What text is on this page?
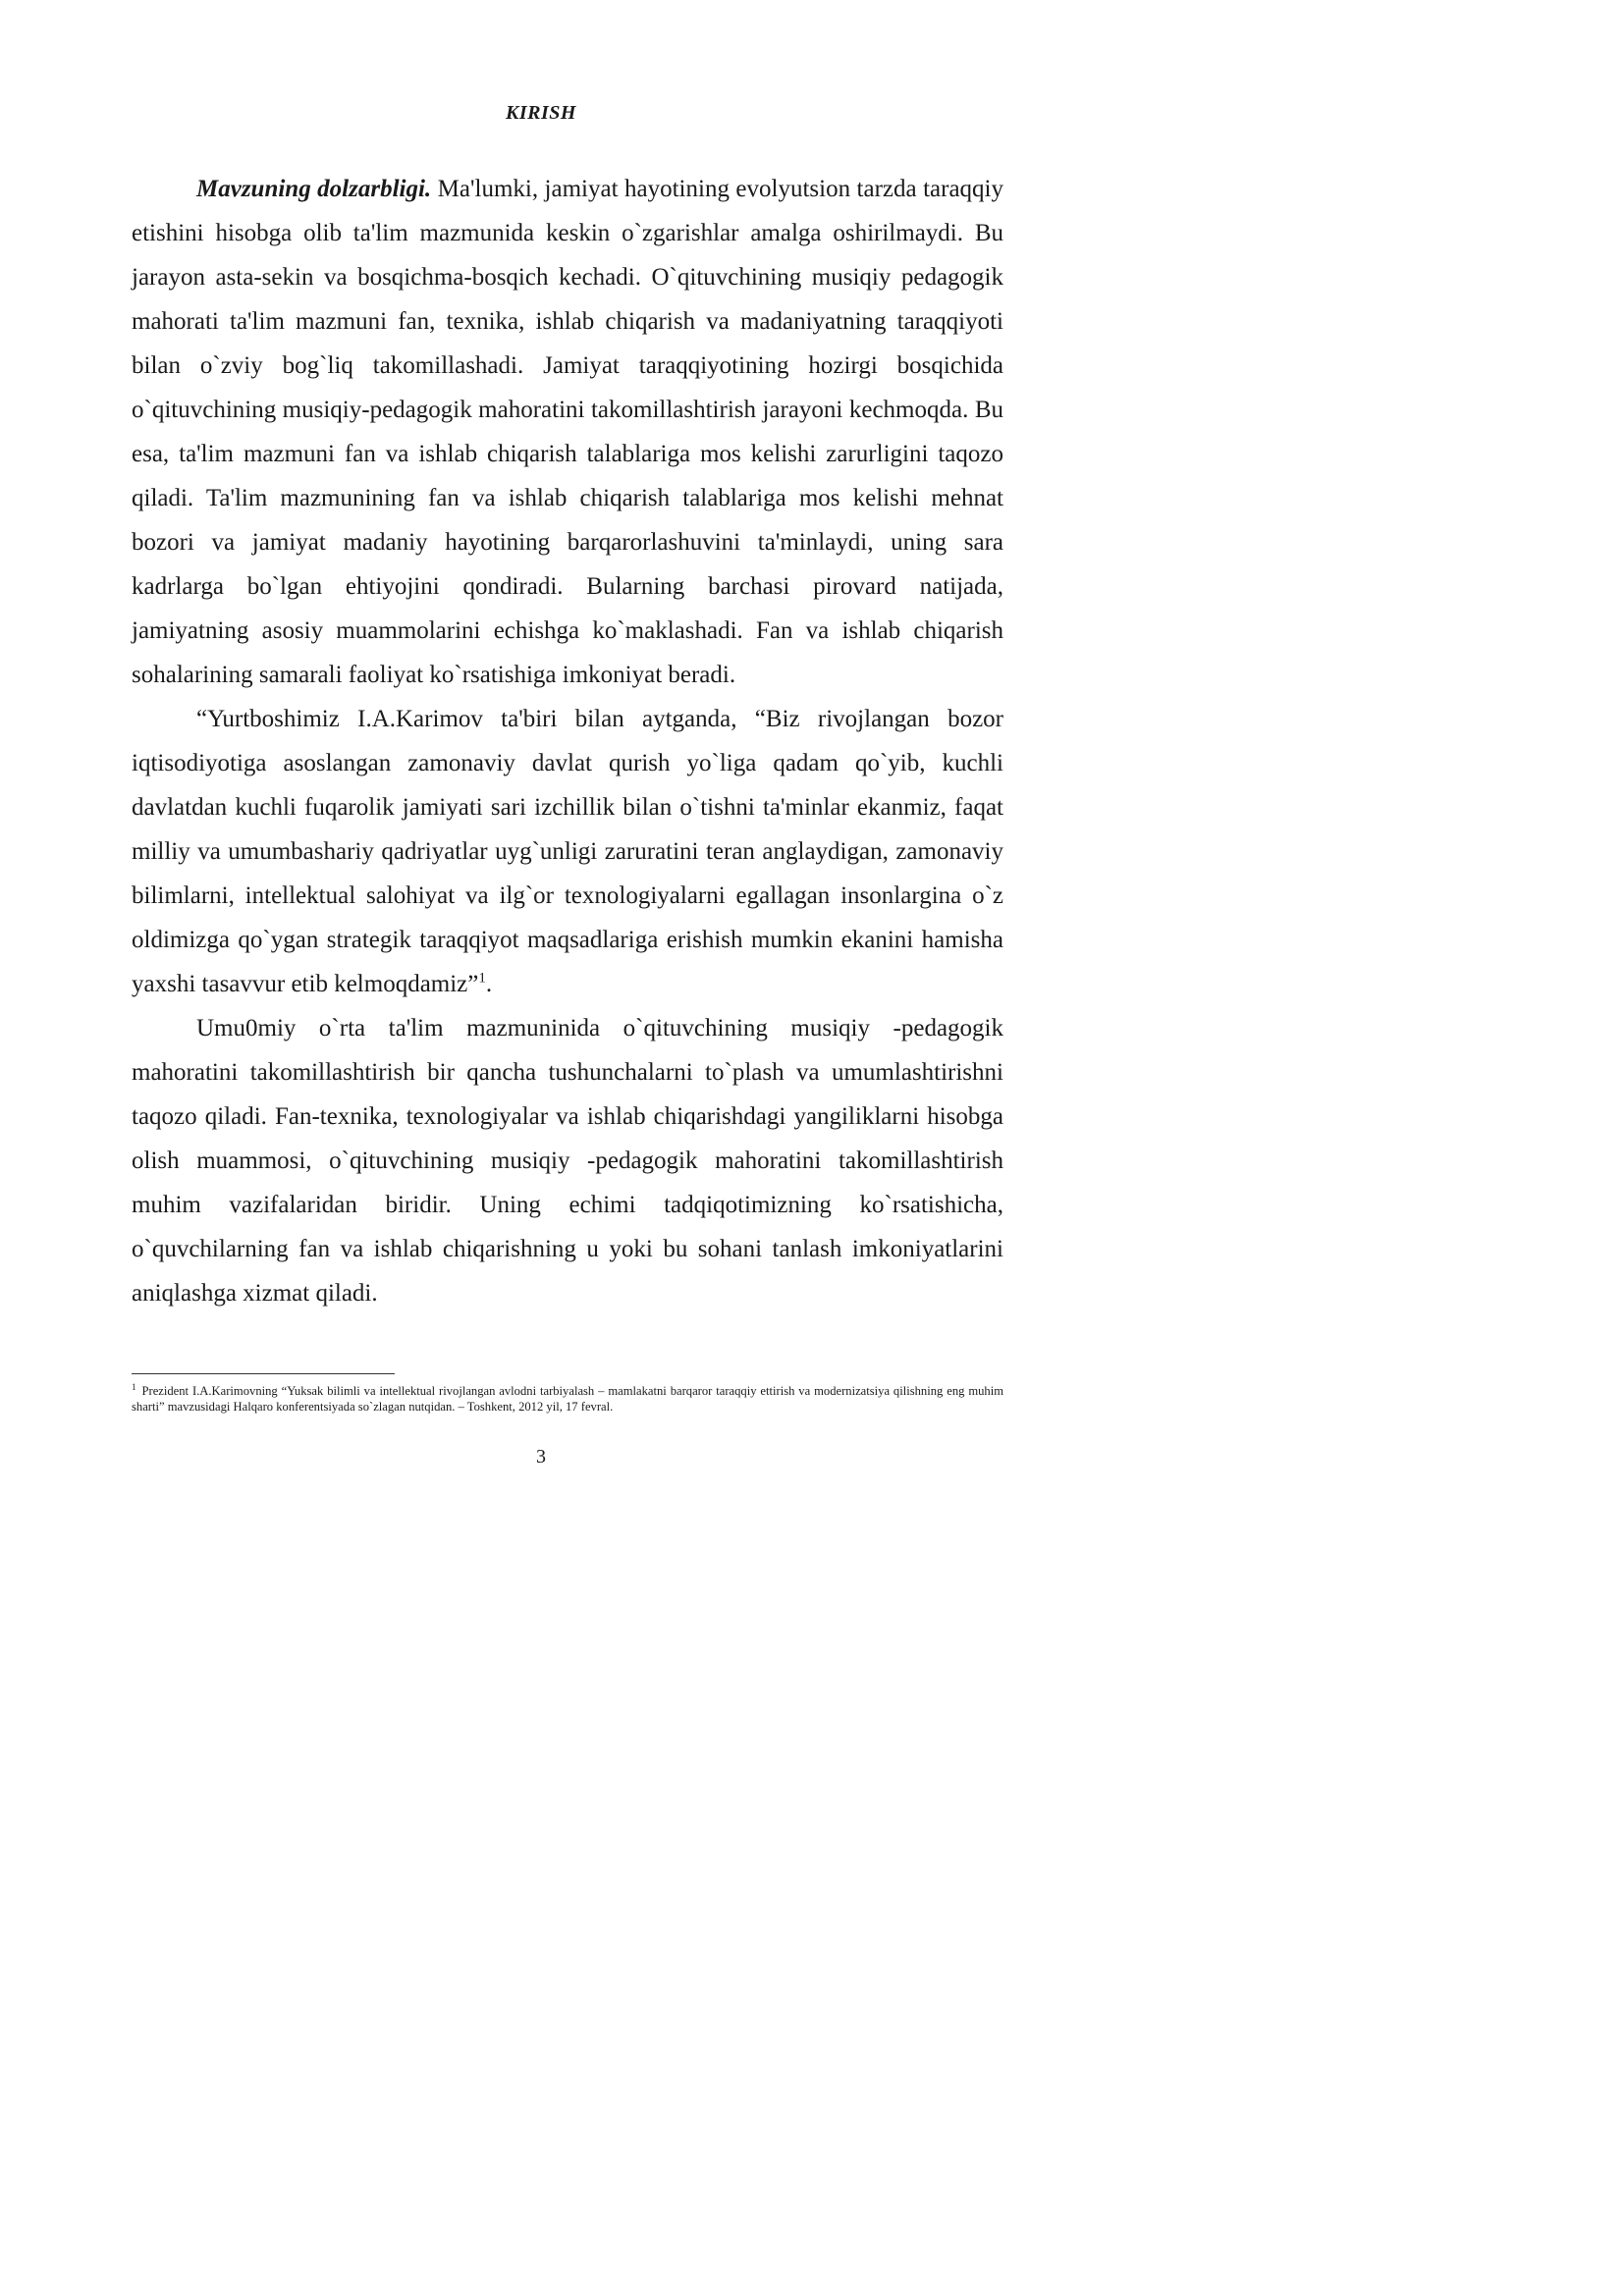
KIRISH

Mavzuning dolzarbligi. Ma'lumki, jamiyat hayotining evolyutsion tarzda taraqqiy etishini hisobga olib ta'lim mazmunida keskin o`zgarishlar amalga oshirilmaydi. Bu jarayon asta-sekin va bosqichma-bosqich kechadi. O`qituvchining musiqiy pedagogik mahorati ta'lim mazmuni fan, texnika, ishlab chiqarish va madaniyatning taraqqiyoti bilan o`zviy bog`liq takomillashadi. Jamiyat taraqqiyotining hozirgi bosqichida o`qituvchining musiqiy-pedagogik mahoratini takomillashtirish jarayoni kechmoqda. Bu esa, ta'lim mazmuni fan va ishlab chiqarish talablariga mos kelishi zarurligini taqozo qiladi. Ta'lim mazmunining fan va ishlab chiqarish talablariga mos kelishi mehnat bozori va jamiyat madaniy hayotining barqarorlashuvini ta'minlaydi, uning sara kadrlarga bo`lgan ehtiyojini qondiradi. Bularning barchasi pirovard natijada, jamiyatning asosiy muammolarini echishga ko`maklashadi. Fan va ishlab chiqarish sohalarining samarali faoliyat ko`rsatishiga imkoniyat beradi.

“Yurtboshimiz I.A.Karimov ta'biri bilan aytganda, “Biz rivojlangan bozor iqtisodiyotiga asoslangan zamonaviy davlat qurish yo`liga qadam qo`yib, kuchli davlatdan kuchli fuqarolik jamiyati sari izchillik bilan o`tishni ta'minlar ekanmiz, faqat milliy va umumbashariy qadriyatlar uyg`unligi zaruratini teran anglaydigan, zamonaviy bilimlarni, intellektual salohiyat va ilg`or texnologiyalarni egallagan insonlargina o`z oldimizga qo`ygan strategik taraqqiyot maqsadlariga erishish mumkin ekanini hamisha yaxshi tasavvur etib kelmoqdamiz”$^1$.

Umu0miy o`rta ta'lim mazmuninida o`qituvchining musiqiy -pedagogik mahoratini takomillashtirish bir qancha tushunchalarni to`plash va umumlashtirishni taqozo qiladi. Fan-texnika, texnologiyalar va ishlab chiqarishdagi yangiliklarni hisobga olish muammosi, o`qituvchining musiqiy -pedagogik mahoratini takomillashtirish muhim vazifalaridan biridir. Uning echimi tadqiqotimizning ko`rsatishicha, o`quvchilarning fan va ishlab chiqarishning u yoki bu sohani tanlash imkoniyatlarini aniqlashga xizmat qiladi.

$^1$ Prezident I.A.Karimovning “Yuksak bilimli va intellektual rivojlangan avlodni tarbiyalash – mamlakatni barqaror taraqqiy ettirish va modernizatsiya qilishning eng muhim sharti” mavzusidagi Halqaro konferentsiyada so`zlagan nutqidan. – Toshkent, 2012 yil, 17 fevral.

3
